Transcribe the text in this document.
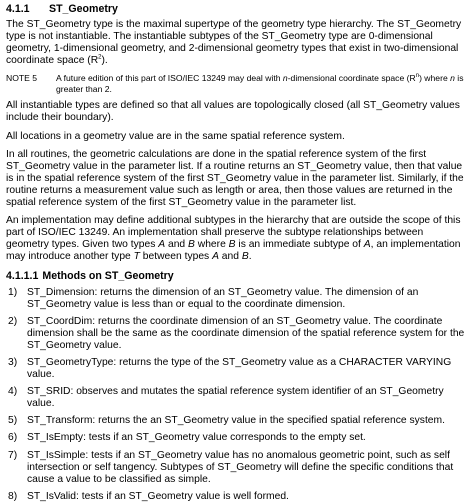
4.1.1 ST_Geometry

The ST_Geometry type is the maximal supertype of the geometry type hierarchy. The ST_Geometry type is not instantiable. The instantiable subtypes of the ST_Geometry type are 0-dimensional geometry, 1-dimensional geometry, and 2-dimensional geometry types that exist in two-dimensional coordinate space $(R^2)$.

NOTE 5	A future edition of this part of ISO/IEC 13249 may deal with n-dimensional coordinate space $(R^n)$ where n is greater than 2.

All instantiable types are defined so that all values are topologically closed (all ST_Geometry values include their boundary).

All locations in a geometry value are in the same spatial reference system.

In all routines, the geometric calculations are done in the spatial reference system of the first ST_Geometry value in the parameter list. If a routine returns an ST_Geometry value, then that value is in the spatial reference system of the first ST_Geometry value in the parameter list. Similarly, if the routine returns a measurement value such as length or area, then those values are returned in the spatial reference system of the first ST_Geometry value in the parameter list.

An implementation may define additional subtypes in the hierarchy that are outside the scope of this part of ISO/IEC 13249. An implementation shall preserve the subtype relationships between geometry types. Given two types A and B where B is an immediate subtype of A, an implementation may introduce another type T between types A and B.

4.1.1.1 Methods on ST_Geometry
1) ST_Dimension: returns the dimension of an ST_Geometry value. The dimension of an ST_Geometry value is less than or equal to the coordinate dimension.
2) ST_CoordDim: returns the coordinate dimension of an ST_Geometry value. The coordinate dimension shall be the same as the coordinate dimension of the spatial reference system for the ST_Geometry value.
3) ST_GeometryType: returns the type of the ST_Geometry value as a CHARACTER VARYING value.
4) ST_SRID: observes and mutates the spatial reference system identifier of an ST_Geometry value.
5) ST_Transform: returns the an ST_Geometry value in the specified spatial reference system.
6) ST_IsEmpty: tests if an ST_Geometry value corresponds to the empty set.
7) ST_IsSimple: tests if an ST_Geometry value has no anomalous geometric point, such as self intersection or self tangency. Subtypes of ST_Geometry will define the specific conditions that cause a value to be classified as simple.
8) ST_IsValid: tests if an ST_Geometry value is well formed.
